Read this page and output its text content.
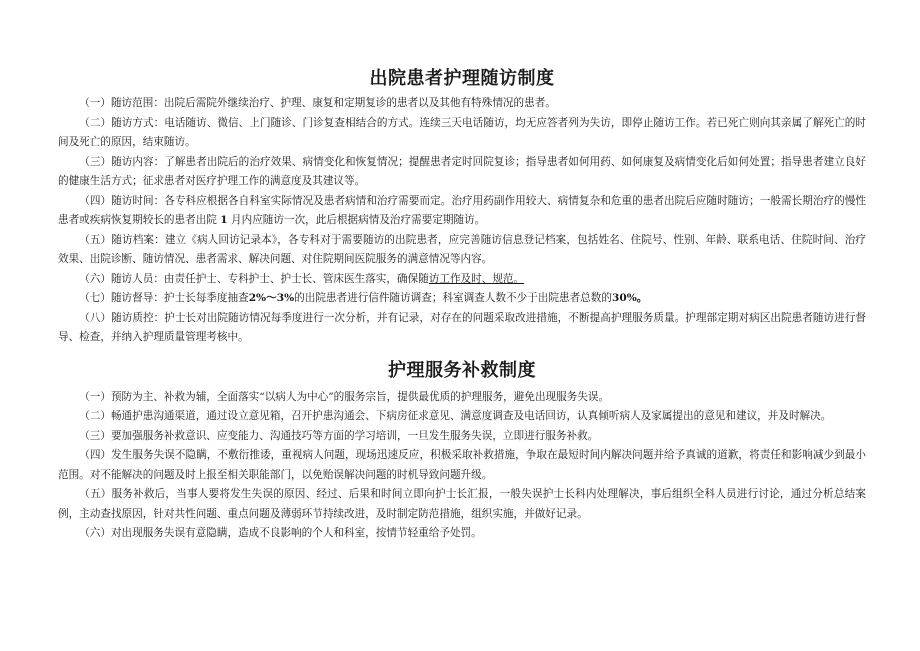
出院患者护理随访制度

（一）随访范围：出院后需院外继续治疗、护理、康复和定期复诊的患者以及其他有特殊情况的患者。

（二）随访方式：电话随访、微信、上门随诊、门诊复查相结合的方式。连续三天电话随访，均无应答者列为失访，即停止随访工作。若已死亡则向其亲属了解死亡的时间及死亡的原因，结束随访。

（三）随访内容：了解患者出院后的治疗效果、病情变化和恢复情况；提醒患者定时回院复诊；指导患者如何用药、如何康复及病情变化后如何处置；指导患者建立良好的健康生活方式；征求患者对医疗护理工作的满意度及其建议等。

（四）随访时间：各专科应根据各自科室实际情况及患者病情和治疗需要而定。治疗用药副作用较大、病情复杂和危重的患者出院后应随时随访；一般需长期治疗的慢性患者或疾病恢复期较长的患者出院 1 月内应随访一次，此后根据病情及治疗需要定期随访。

（五）随访档案：建立《病人回访记录本》，各专科对于需要随访的出院患者，应完善随访信息登记档案，包括姓名、住院号、性别、年龄、联系电话、住院时间、治疗效果、出院诊断、随访情况、患者需求、解决问题、对住院期间医院服务的满意情况等内容。

（六）随访人员：由责任护士、专科护士、护士长、管床医生落实，确保随访工作及时、规范。

（七）随访督导：护士长每季度抽查2%～3%的出院患者进行信件随访调查；科室调查人数不少于出院患者总数的30%。

（八）随访质控：护士长对出院随访情况每季度进行一次分析，并有记录，对存在的问题采取改进措施，不断提高护理服务质量。护理部定期对病区出院患者随访进行督导、检查，并纳入护理质量管理考核中。

护理服务补救制度

（一）预防为主、补救为辅，全面落实“以病人为中心”的服务宗旨，提供最优质的护理服务，避免出现服务失误。

（二）畅通护患沟通渠道，通过设立意见箱，召开护患沟通会、下病房征求意见、满意度调查及电话回访，认真倾听病人及家属提出的意见和建议，并及时解决。

（三）要加强服务补救意识、应变能力、沟通技巧等方面的学习培训，一旦发生服务失误，立即进行服务补救。

（四）发生服务失误不隐瞒，不敷衍推诿，重视病人问题，现场迅速反应，积极采取补救措施，争取在最短时间内解决问题并给予真诚的道歉，将责任和影响减少到最小范围。对不能解决的问题及时上报至相关职能部门，以免贻误解决问题的时机导致问题升级。

（五）服务补救后，当事人要将发生失误的原因、经过、后果和时间立即向护士长汇报，一般失误护士长科内处理解决，事后组织全科人员进行讨论，通过分析总结案例，主动查找原因，针对共性问题、重点问题及薄弱环节持续改进，及时制定防范措施，组织实施，并做好记录。

（六）对出现服务失误有意隐瞒，造成不良影响的个人和科室，按情节轻重给予处罚。
